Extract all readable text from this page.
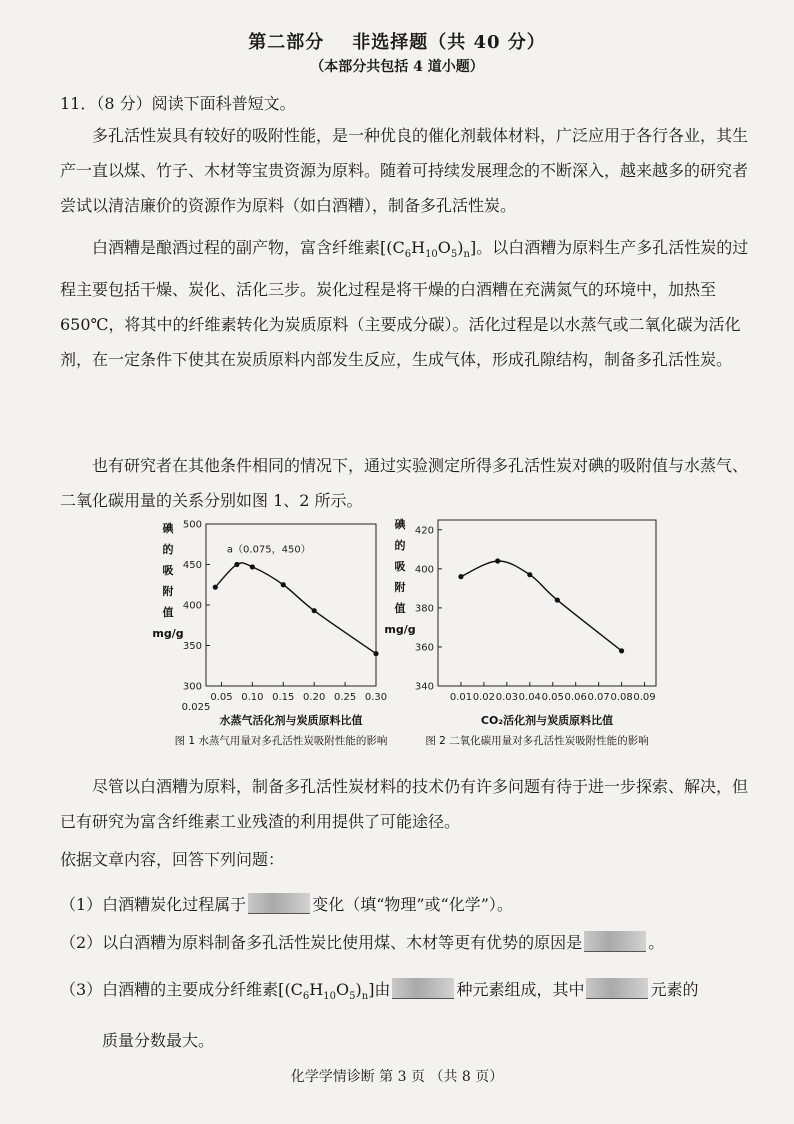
第二部分 非选择题（共 40 分）
（本部分共包括 4 道小题）

11．（8 分）阅读下面科普短文。

多孔活性炭具有较好的吸附性能，是一种优良的催化剂载体材料，广泛应用于各行各业，其生产一直以煤、竹子、木材等宝贵资源为原料。随着可持续发展理念的不断深入，越来越多的研究者尝试以清洁廉价的资源作为原料（如白酒糟），制备多孔活性炭。

白酒糟是酿酒过程的副产物，富含纤维素$[(C_6H_{10}O_5)_n]$。以白酒糟为原料生产多孔活性炭的过程主要包括干燥、炭化、活化三步。炭化过程是将干燥的白酒糟在充满氮气的环境中，加热至 650℃，将其中的纤维素转化为炭质原料（主要成分碳）。活化过程是以水蒸气或二氧化碳为活化剂，在一定条件下使其在炭质原料内部发生反应，生成气体，形成孔隙结构，制备多孔活性炭。

也有研究者在其他条件相同的情况下，通过实验测定所得多孔活性炭对碘的吸附值与水蒸气、二氧化碳用量的关系分别如图 1、2 所示。

300
350
400
450
500
0.05 0.10 0.15 0.20 0.25 0.30
0.025
碘
的
吸
附
值
mg/g
水蒸气活化剂与炭质原料比值
图 1 水蒸气用量对多孔活性炭吸附性能的影响
a（0.075，450）
340
360
380
400
420
0.01 0.02 0.03 0.04 0.05 0.06 0.07 0.08 0.09
碘
的
吸
附
值
mg/g
CO₂活化剂与炭质原料比值
图 2 二氧化碳用量对多孔活性炭吸附性能的影响

尽管以白酒糟为原料，制备多孔活性炭材料的技术仍有许多问题有待于进一步探索、解决，但已有研究为富含纤维素工业残渣的利用提供了可能途径。

依据文章内容，回答下列问题：

（1）白酒糟炭化过程属于	变化（填“物理”或“化学”）。
（2）以白酒糟为原料制备多孔活性炭比使用煤、木材等更有优势的原因是	。
（3）白酒糟的主要成分纤维素$[(C_6H_{10}O_5)_n]$由	种元素组成，其中	元素的
质量分数最大。
化学学情诊断 第 3 页 （共 8 页）
